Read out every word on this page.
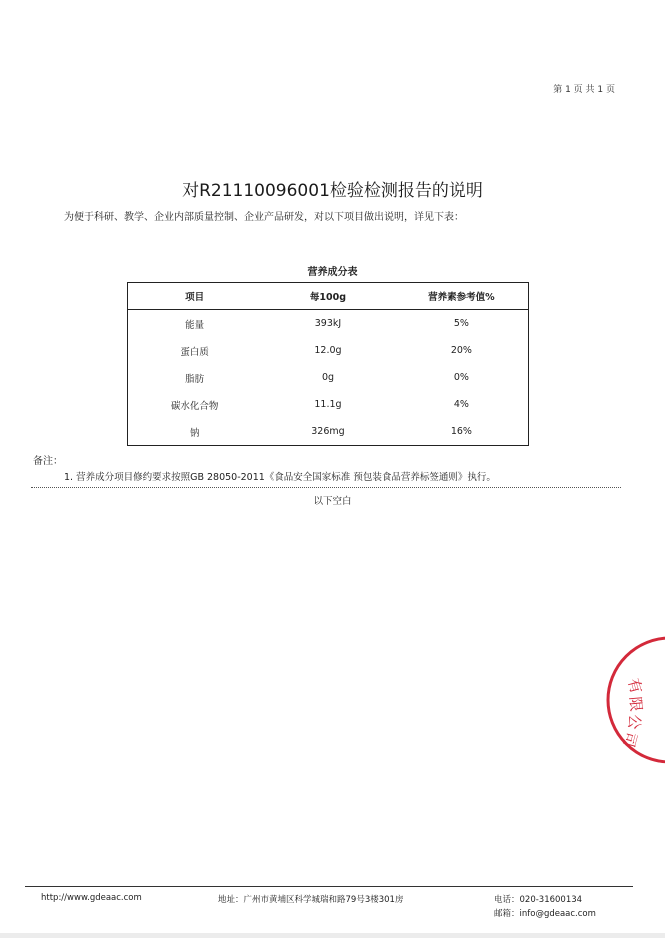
第 1 页 共 1 页
对R21110096001检验检测报告的说明
为便于科研、教学、企业内部质量控制、企业产品研发，对以下项目做出说明，详见下表：
营养成分表
项目	每100g	营养素参考值%
能量	393kJ	5%
蛋白质	12.0g	20%
脂肪	0g	0%
碳水化合物	11.1g	4%
钠	326mg	16%
备注：
1. 营养成分项目修约要求按照GB 28050-2011《食品安全国家标准 预包装食品营养标签通则》执行。
以下空白
有
限
公
司
http://www.gdeaac.com	地址：广州市黄埔区科学城瑞和路79号3楼301房	电话：020-31600134
邮箱：info@gdeaac.com
